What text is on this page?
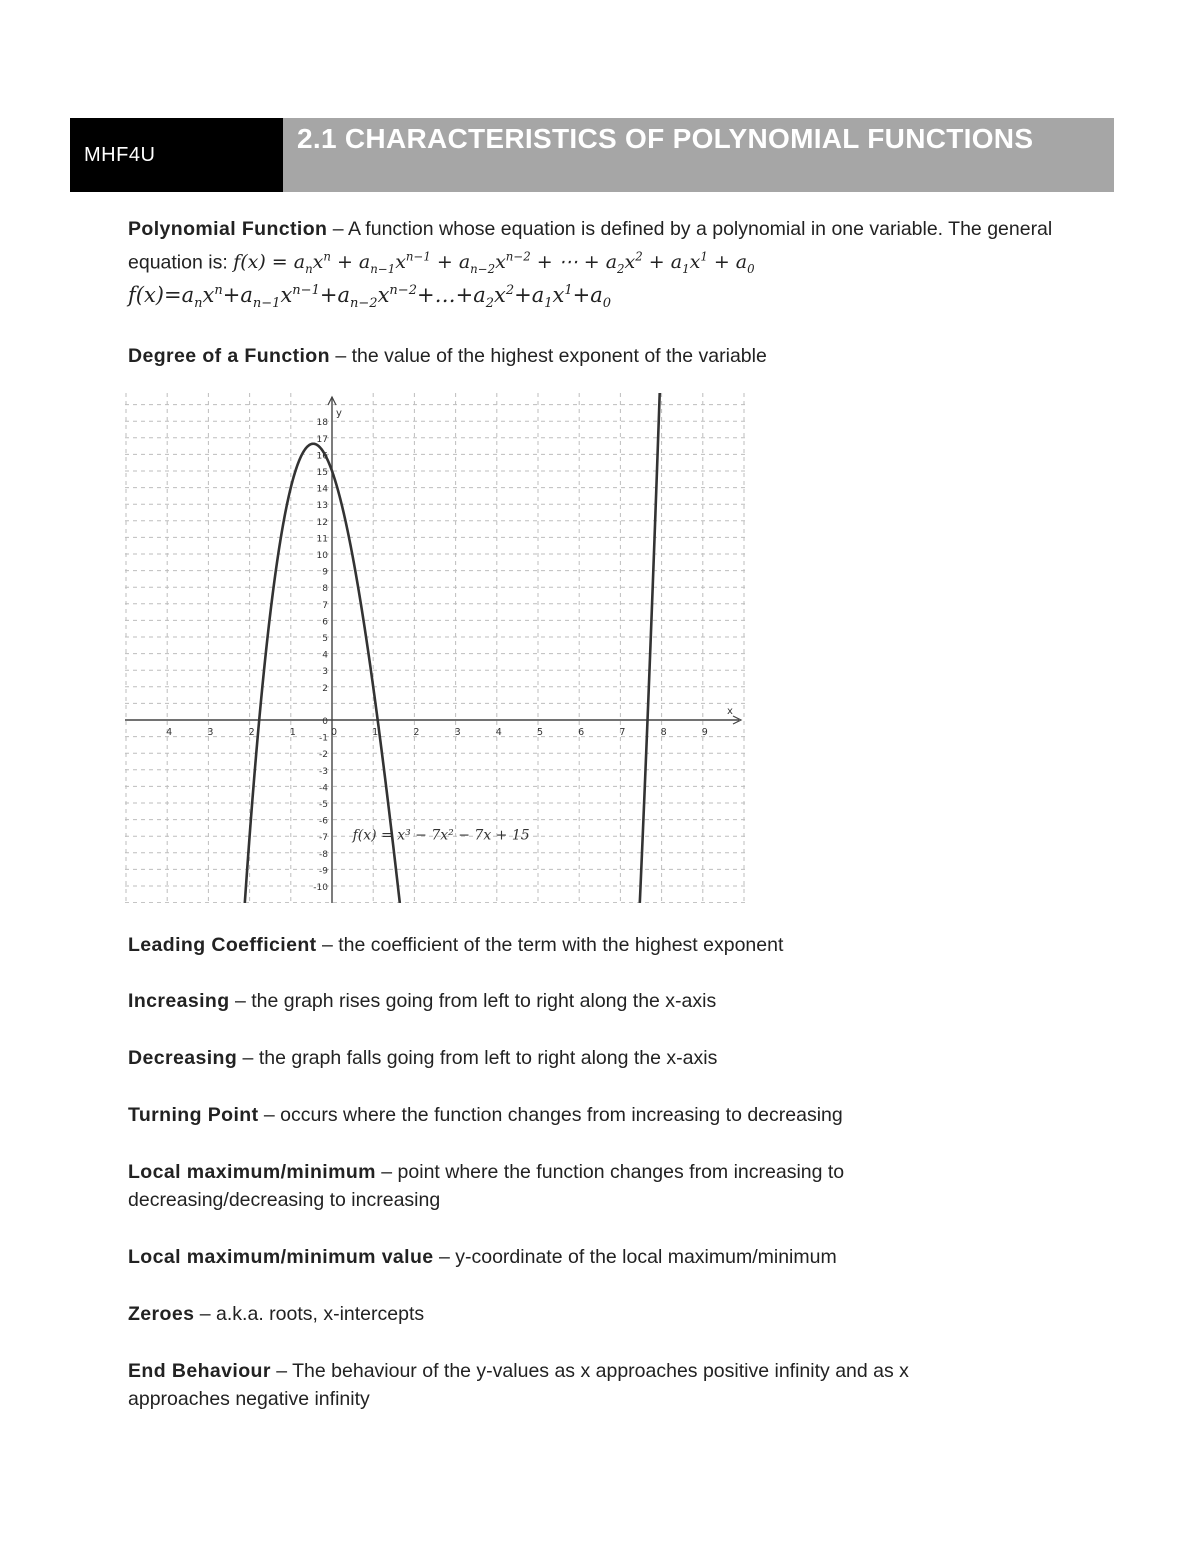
MHF4U
2.1 CHARACTERISTICS OF POLYNOMIAL FUNCTIONS
Polynomial Function – A function whose equation is defined by a polynomial in one variable. The general equation is: $f(x) = a_nx^n + a_{n-1}x^{n-1} + a_{n-2}x^{n-2}$ + ⋯ + $a_2x^2 + a_1x^1 + a_0$
$f(x)=a_nx^n+a_{n-1}x^{n-1}+a_{n-2}x^{n-2}+\dots+a_2x^2+a_1x^1+a_0$
Degree of a Function – the value of the highest exponent of the variable
x
y
4	3	2	1	0	1	2	3	4	5	6	7	8	9
18
17
16
15
14
13
12
11
10
9
8
7
6
5
4
3
2
0
-1
-2
-3
-4
-5
-6
-7
-8
-9
-10
f(x) = x³ − 7x² − 7x + 15
Leading Coefficient – the coefficient of the term with the highest exponent
Increasing – the graph rises going from left to right along the x-axis
Decreasing – the graph falls going from left to right along the x-axis
Turning Point – occurs where the function changes from increasing to decreasing
Local maximum/minimum – point where the function changes from increasing to decreasing/decreasing to increasing
Local maximum/minimum value – y-coordinate of the local maximum/minimum
Zeroes – a.k.a. roots, x-intercepts
End Behaviour – The behaviour of the y-values as x approaches positive infinity and as x approaches negative infinity
